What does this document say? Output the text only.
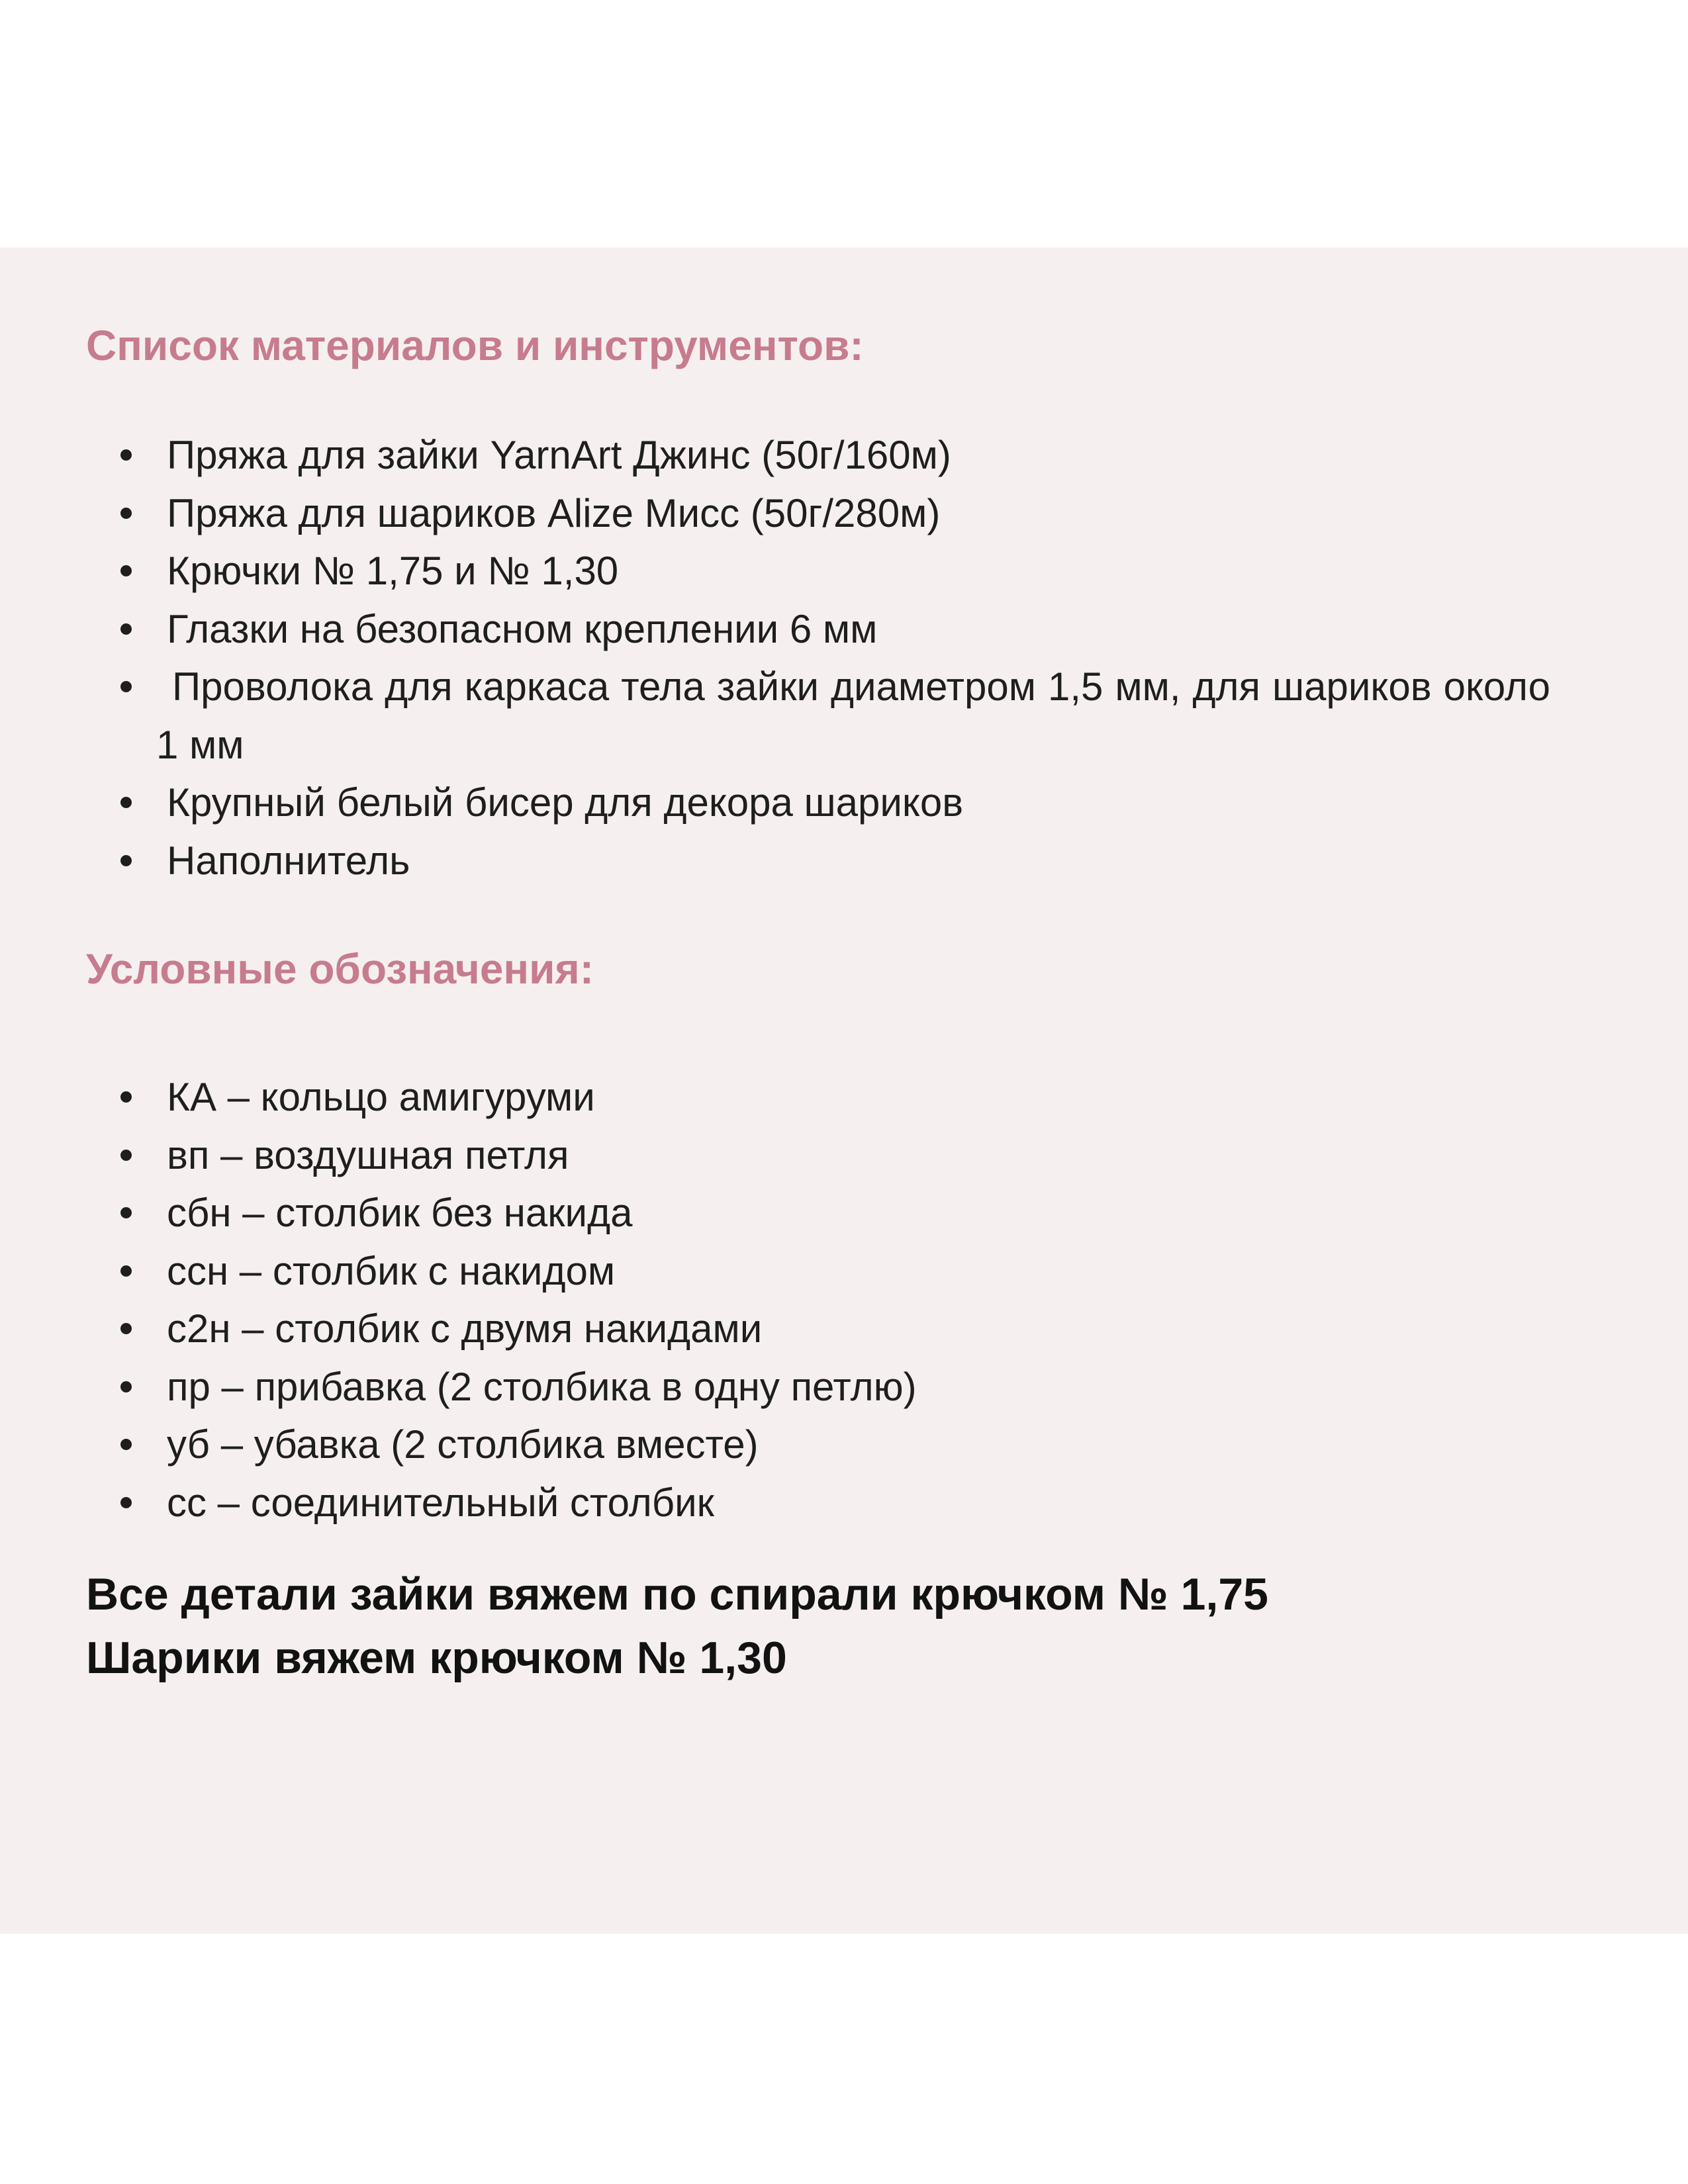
Список материалов и инструментов:
Пряжа для зайки YarnArt Джинс (50г/160м)
Пряжа для шариков Alize Мисс (50г/280м)
Крючки № 1,75 и № 1,30
Глазки на безопасном креплении 6 мм
Проволока для каркаса тела зайки диаметром 1,5 мм, для шариков около 1 мм
Крупный белый бисер для декора шариков
Наполнитель
Условные обозначения:
КА – кольцо амигуруми
вп – воздушная петля
сбн – столбик без накида
ссн – столбик с накидом
с2н – столбик с двумя накидами
пр – прибавка (2 столбика в одну петлю)
уб – убавка (2 столбика вместе)
сс – соединительный столбик

Все детали зайки вяжем по спирали крючком № 1,75

Шарики вяжем крючком № 1,30
